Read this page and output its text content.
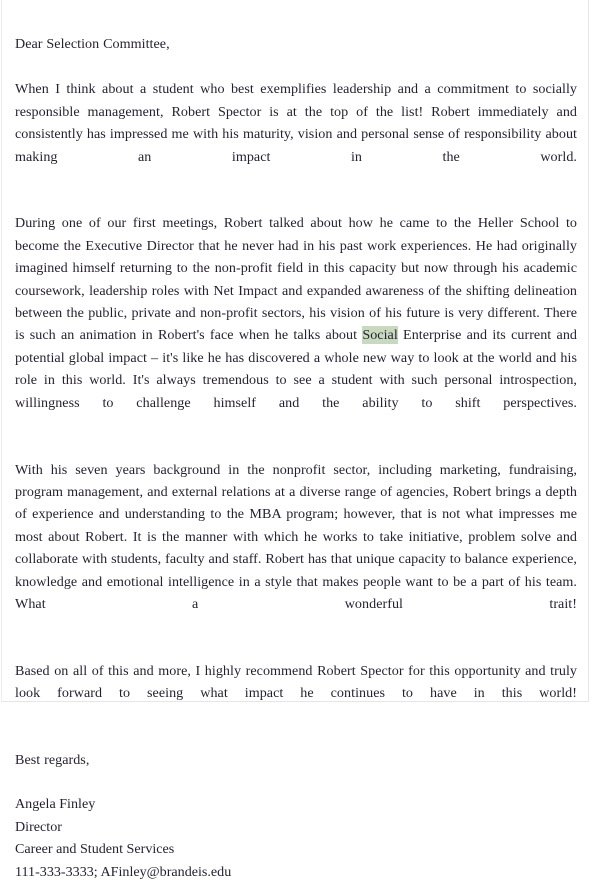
Dear Selection Committee,

When I think about a student who best exemplifies leadership and a commitment to socially responsible management, Robert Spector is at the top of the list! Robert immediately and consistently has impressed me with his maturity, vision and personal sense of responsibility about making an impact in the world.

During one of our first meetings, Robert talked about how he came to the Heller School to become the Executive Director that he never had in his past work experiences. He had originally imagined himself returning to the non-profit field in this capacity but now through his academic coursework, leadership roles with Net Impact and expanded awareness of the shifting delineation between the public, private and non-profit sectors, his vision of his future is very different. There is such an animation in Robert's face when he talks about Social Enterprise and its current and potential global impact – it's like he has discovered a whole new way to look at the world and his role in this world. It's always tremendous to see a student with such personal introspection, willingness to challenge himself and the ability to shift perspectives.

With his seven years background in the nonprofit sector, including marketing, fundraising, program management, and external relations at a diverse range of agencies, Robert brings a depth of experience and understanding to the MBA program; however, that is not what impresses me most about Robert. It is the manner with which he works to take initiative, problem solve and collaborate with students, faculty and staff. Robert has that unique capacity to balance experience, knowledge and emotional intelligence in a style that makes people want to be a part of his team. What a wonderful trait!

Based on all of this and more, I highly recommend Robert Spector for this opportunity and truly look forward to seeing what impact he continues to have in this world!

Best regards,

Angela Finley

Director

Career and Student Services

111-333-3333; AFinley@brandeis.edu
